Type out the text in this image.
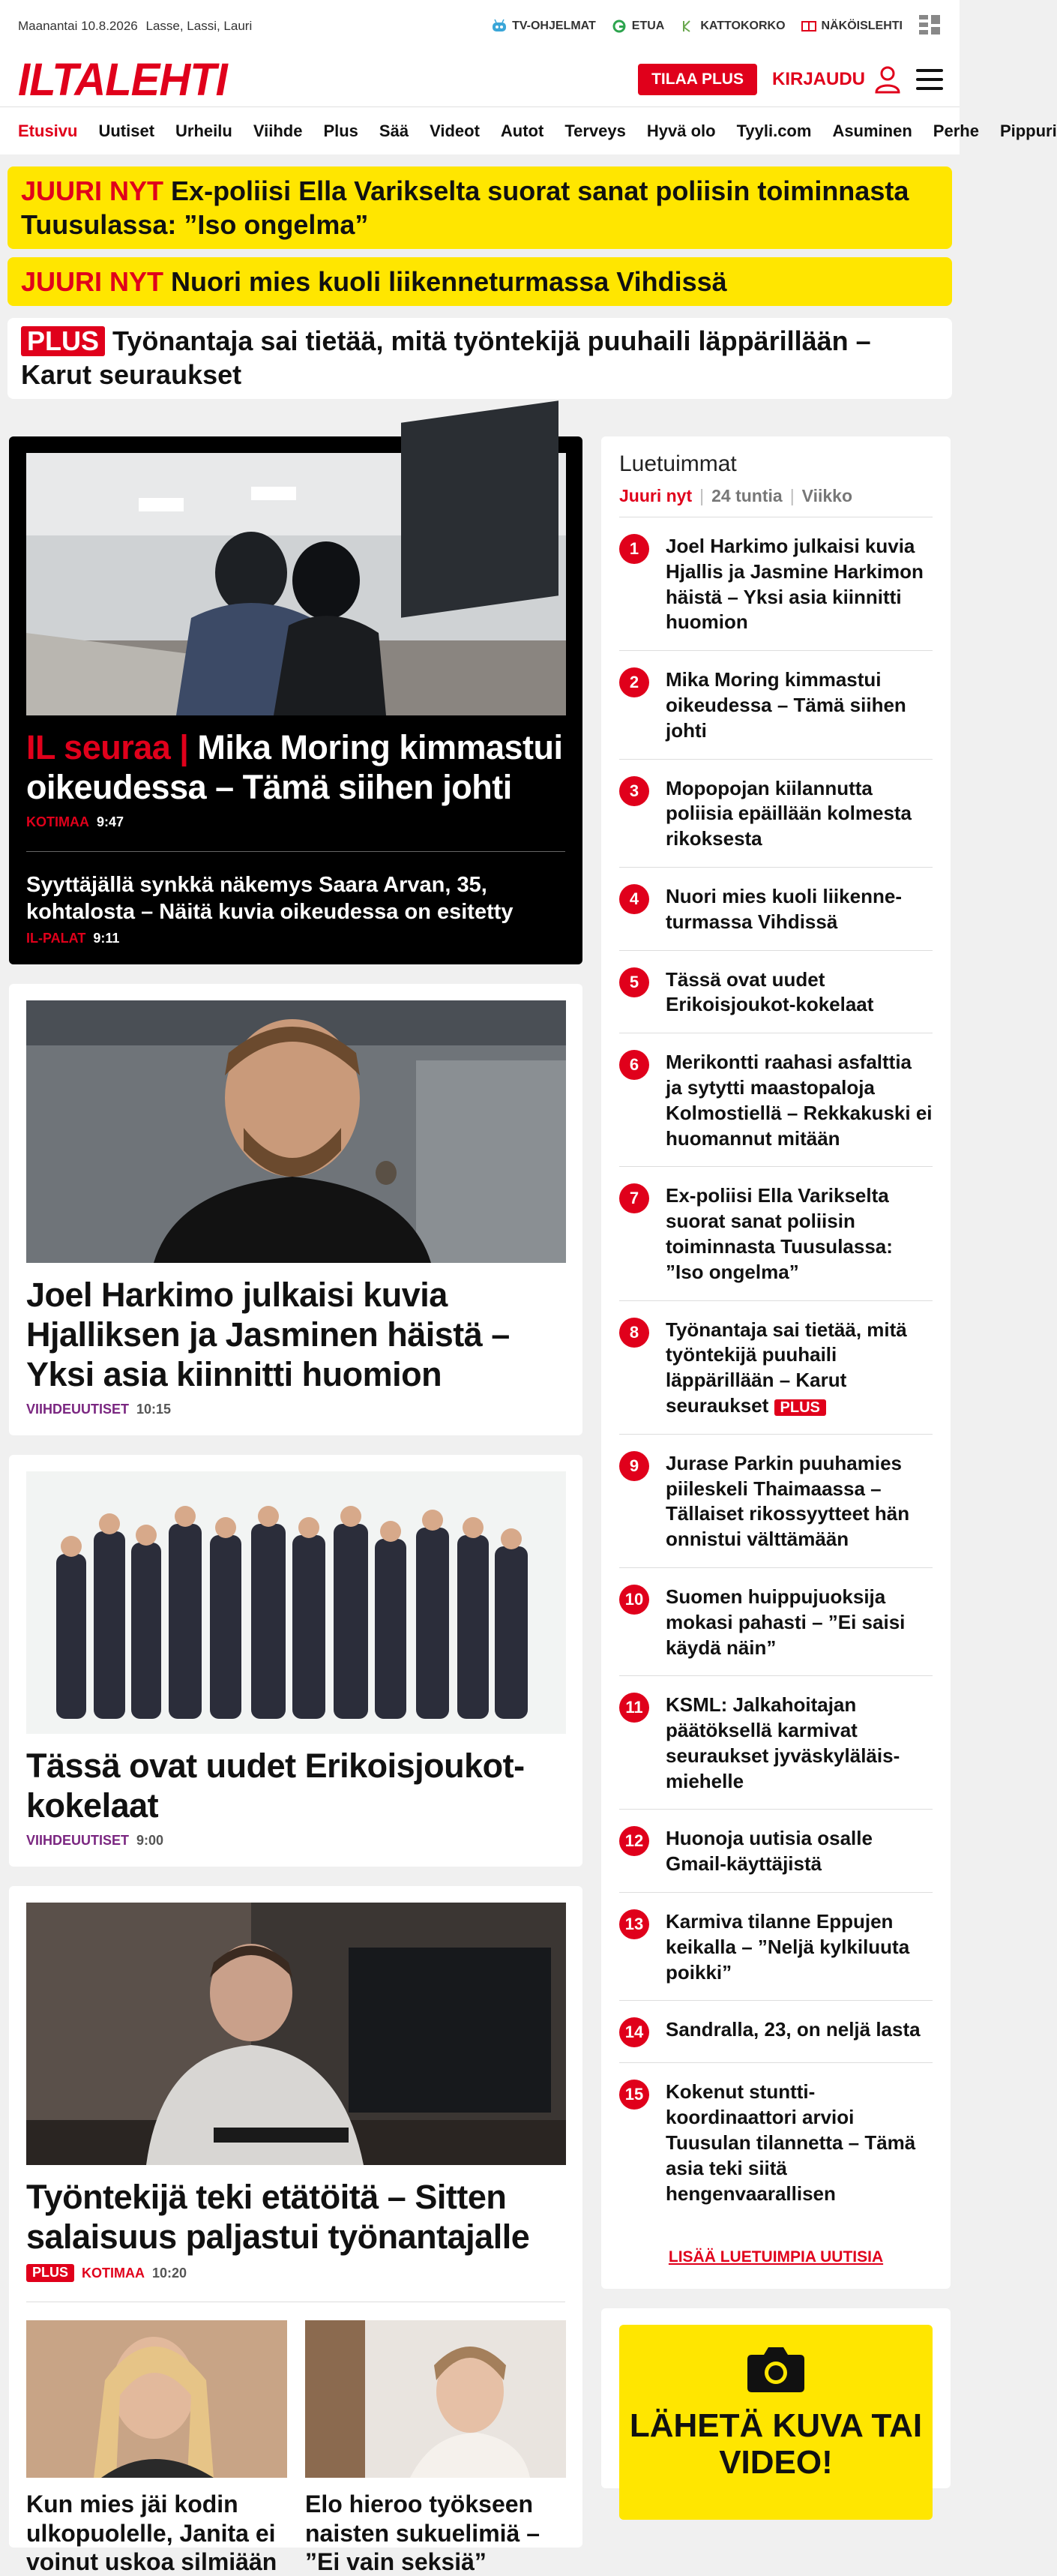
Maanantai 10.8.2026 Lasse, Lassi, Lauri	TV-OHJELMAT	ETUA	KATTOKORKO	NÄKÖISLEHTI
ILTALEHTI	TILAA PLUS	KIRJAUDU
Etusivu Uutiset Urheilu Viihde Plus Sää Videot Autot Terveys Hyvä olo Tyyli.com Asuminen Perhe Pippuri
JUURI NYT Ex-poliisi Ella Varikselta suorat sanat poliisin toiminnasta Tuusulassa: ”Iso ongelma”
JUURI NYT Nuori mies kuoli liikenneturmassa Vihdissä
PLUS Työnantaja sai tietää, mitä työntekijä puuhaili läppärillään – Karut seuraukset
IL seuraa | Mika Moring kimmastui oikeudessa – Tämä siihen johti
KOTIMAA 9:47
Syyttäjällä synkkä näkemys Saara Arvan, 35, kohtalosta – Näitä kuvia oikeudessa on esitetty
IL-PALAT 9:11
Joel Harkimo julkaisi kuvia Hjalliksen ja Jasminen häistä – Yksi asia kiinnitti huomion
VIIHDEUUTISET 10:15
Tässä ovat uudet Erikoisjoukot-kokelaat
VIIHDEUUTISET 9:00
Työntekijä teki etätöitä – Sitten salaisuus paljastui työnantajalle
PLUS	KOTIMAA 10:20
Kun mies jäi kodin ulkopuolelle, Janita ei voinut uskoa silmiään
Elo hieroo työkseen naisten sukuelimiä – ”Ei vain seksiä”
Luetuimmat
Juuri nyt | 24 tuntia | Viikko
1	Joel Harkimo julkaisi kuvia Hjallis ja Jasmine Harkimon häistä – Yksi asia kiinnitti huomion
2	Mika Moring kimmastui oikeudessa – Tämä siihen johti
3	Mopopojan kiilannutta poliisia epäillään kolmesta rikoksesta
4	Nuori mies kuoli liikenneturmassa Vihdissä
5	Tässä ovat uudet Erikoisjoukot-kokelaat
6	Merikontti raahasi asfalttia ja sytytti maastopaloja Kolmostiellä – Rekkakuski ei huomannut mitään
7	Ex-poliisi Ella Varikselta suorat sanat poliisin toiminnasta Tuusulassa: ”Iso ongelma”
8	Työnantaja sai tietää, mitä työntekijä puuhaili läppärillään – Karut seuraukset PLUS
9	Jurase Parkin puuhamies piileskeli Thaimaassa – Tällaiset rikossyytteet hän onnistui välttämään
10 Suomen huippujuoksija mokasi pahasti – ”Ei saisi käydä näin”
11	KSML: Jalkahoitajan päätöksellä karmivat seuraukset jyväskyläläismiehelle
12 Huonoja uutisia osalle Gmail-käyttäjistä
13 Karmiva tilanne Eppujen keikalla – ”Neljä kylkiluuta poikki”
14 Sandralla, 23, on neljä lasta
15 Kokenut stunttikoordinaattori arvioi Tuusulan tilannetta – Tämä asia teki siitä hengenvaarallisen
LISÄÄ LUETUIMPIA UUTISIA
LÄHETÄ KUVA TAI VIDEO!
